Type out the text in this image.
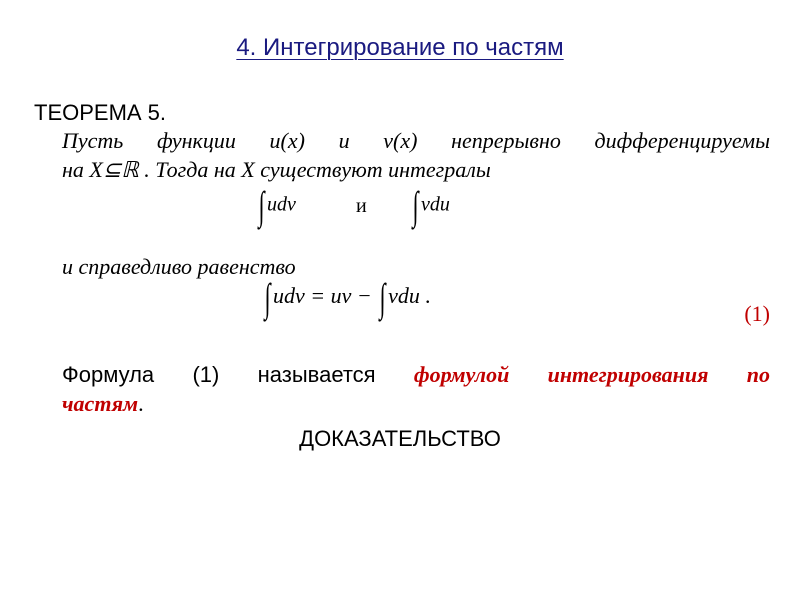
4. Интегрирование по частям
ТЕОРЕМА 5.
Пусть функции u(x) и v(x) непрерывно дифференцируемы
на X⊆ℝ . Тогда на X существуют интегралы
∫ udv	и ∫ vdu
и справедливо равенство
∫ udv = uv − ∫ vdu .
(1)
Формула (1) называется формулой интегрирования по
частям.
ДОКАЗАТЕЛЬСТВО
